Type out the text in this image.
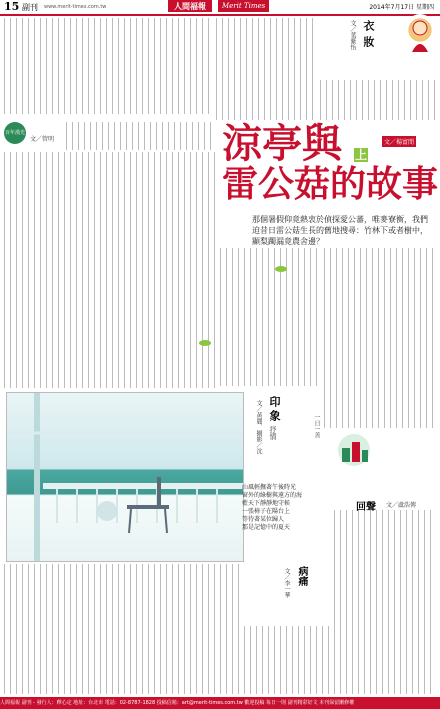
15 副刊 www.merit-times.com.tw	人間福報	Merit Times	2014年7月17日 星期四
衣
妝
文／葉紫怡
百年漢光
文／管明	涼亭與 上
雷公菇的故事
文／楊富閔
那個暑假仰竟熱衷於偵探愛公蕃，唯麥寮衡，我們迫昔日雷公菇生長的舊地搜尋：竹林下或者樹中，顯梨躅漏竟農舍邊？
印
象
抒情
文／黃麗、攝影／沈
山風輕撫著午後時光
窗外的綠樹與遠方的海
藍天下靜靜地守候
一張椅子在陽台上
等待著某位歸人
那是記憶中的夏天
回聲 文／盧浩傳
一日一善
病痛
文／李一華
人間福報 副刊 - 發行人：釋心定 地址：台北市 電話：02-8787-1828 投稿信箱：art@merit-times.com.tw 歡迎投稿 每日一則 副刊精彩好文 本刊保留刪修權
